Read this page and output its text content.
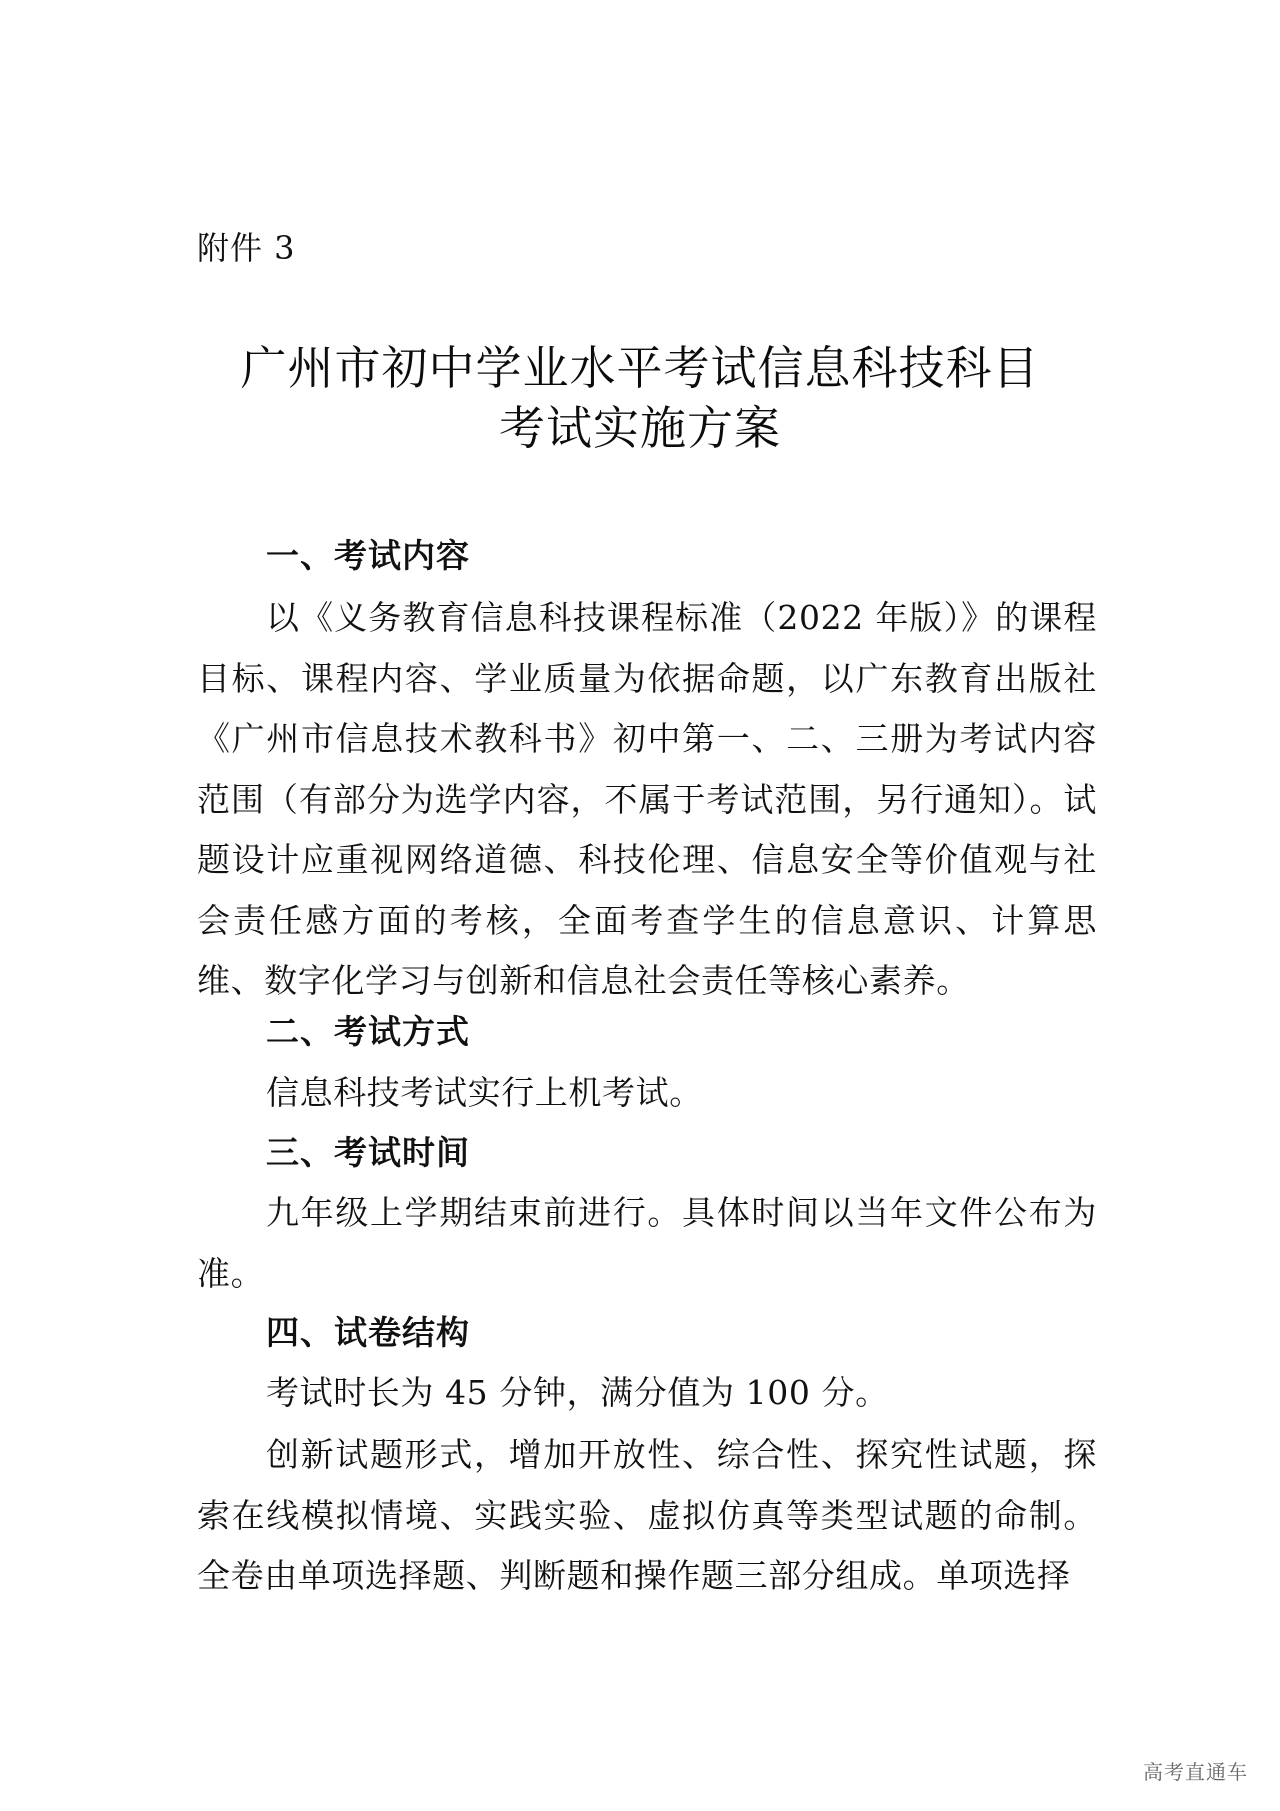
附件 3
广州市初中学业水平考试信息科技科目
考试实施方案
一、考试内容
以《义务教育信息科技课程标准（2022 年版）》的课程目标、课程内容、学业质量为依据命题，以广东教育出版社《广州市信息技术教科书》初中第一、二、三册为考试内容范围（有部分为选学内容，不属于考试范围，另行通知）。试题设计应重视网络道德、科技伦理、信息安全等价值观与社会责任感方面的考核，全面考查学生的信息意识、计算思维、数字化学习与创新和信息社会责任等核心素养。
二、考试方式
信息科技考试实行上机考试。
三、考试时间
九年级上学期结束前进行。具体时间以当年文件公布为准。
四、试卷结构
考试时长为 45 分钟，满分值为 100 分。
创新试题形式，增加开放性、综合性、探究性试题，探索在线模拟情境、实践实验、虚拟仿真等类型试题的命制。全卷由单项选择题、判断题和操作题三部分组成。单项选择
高考直通车
